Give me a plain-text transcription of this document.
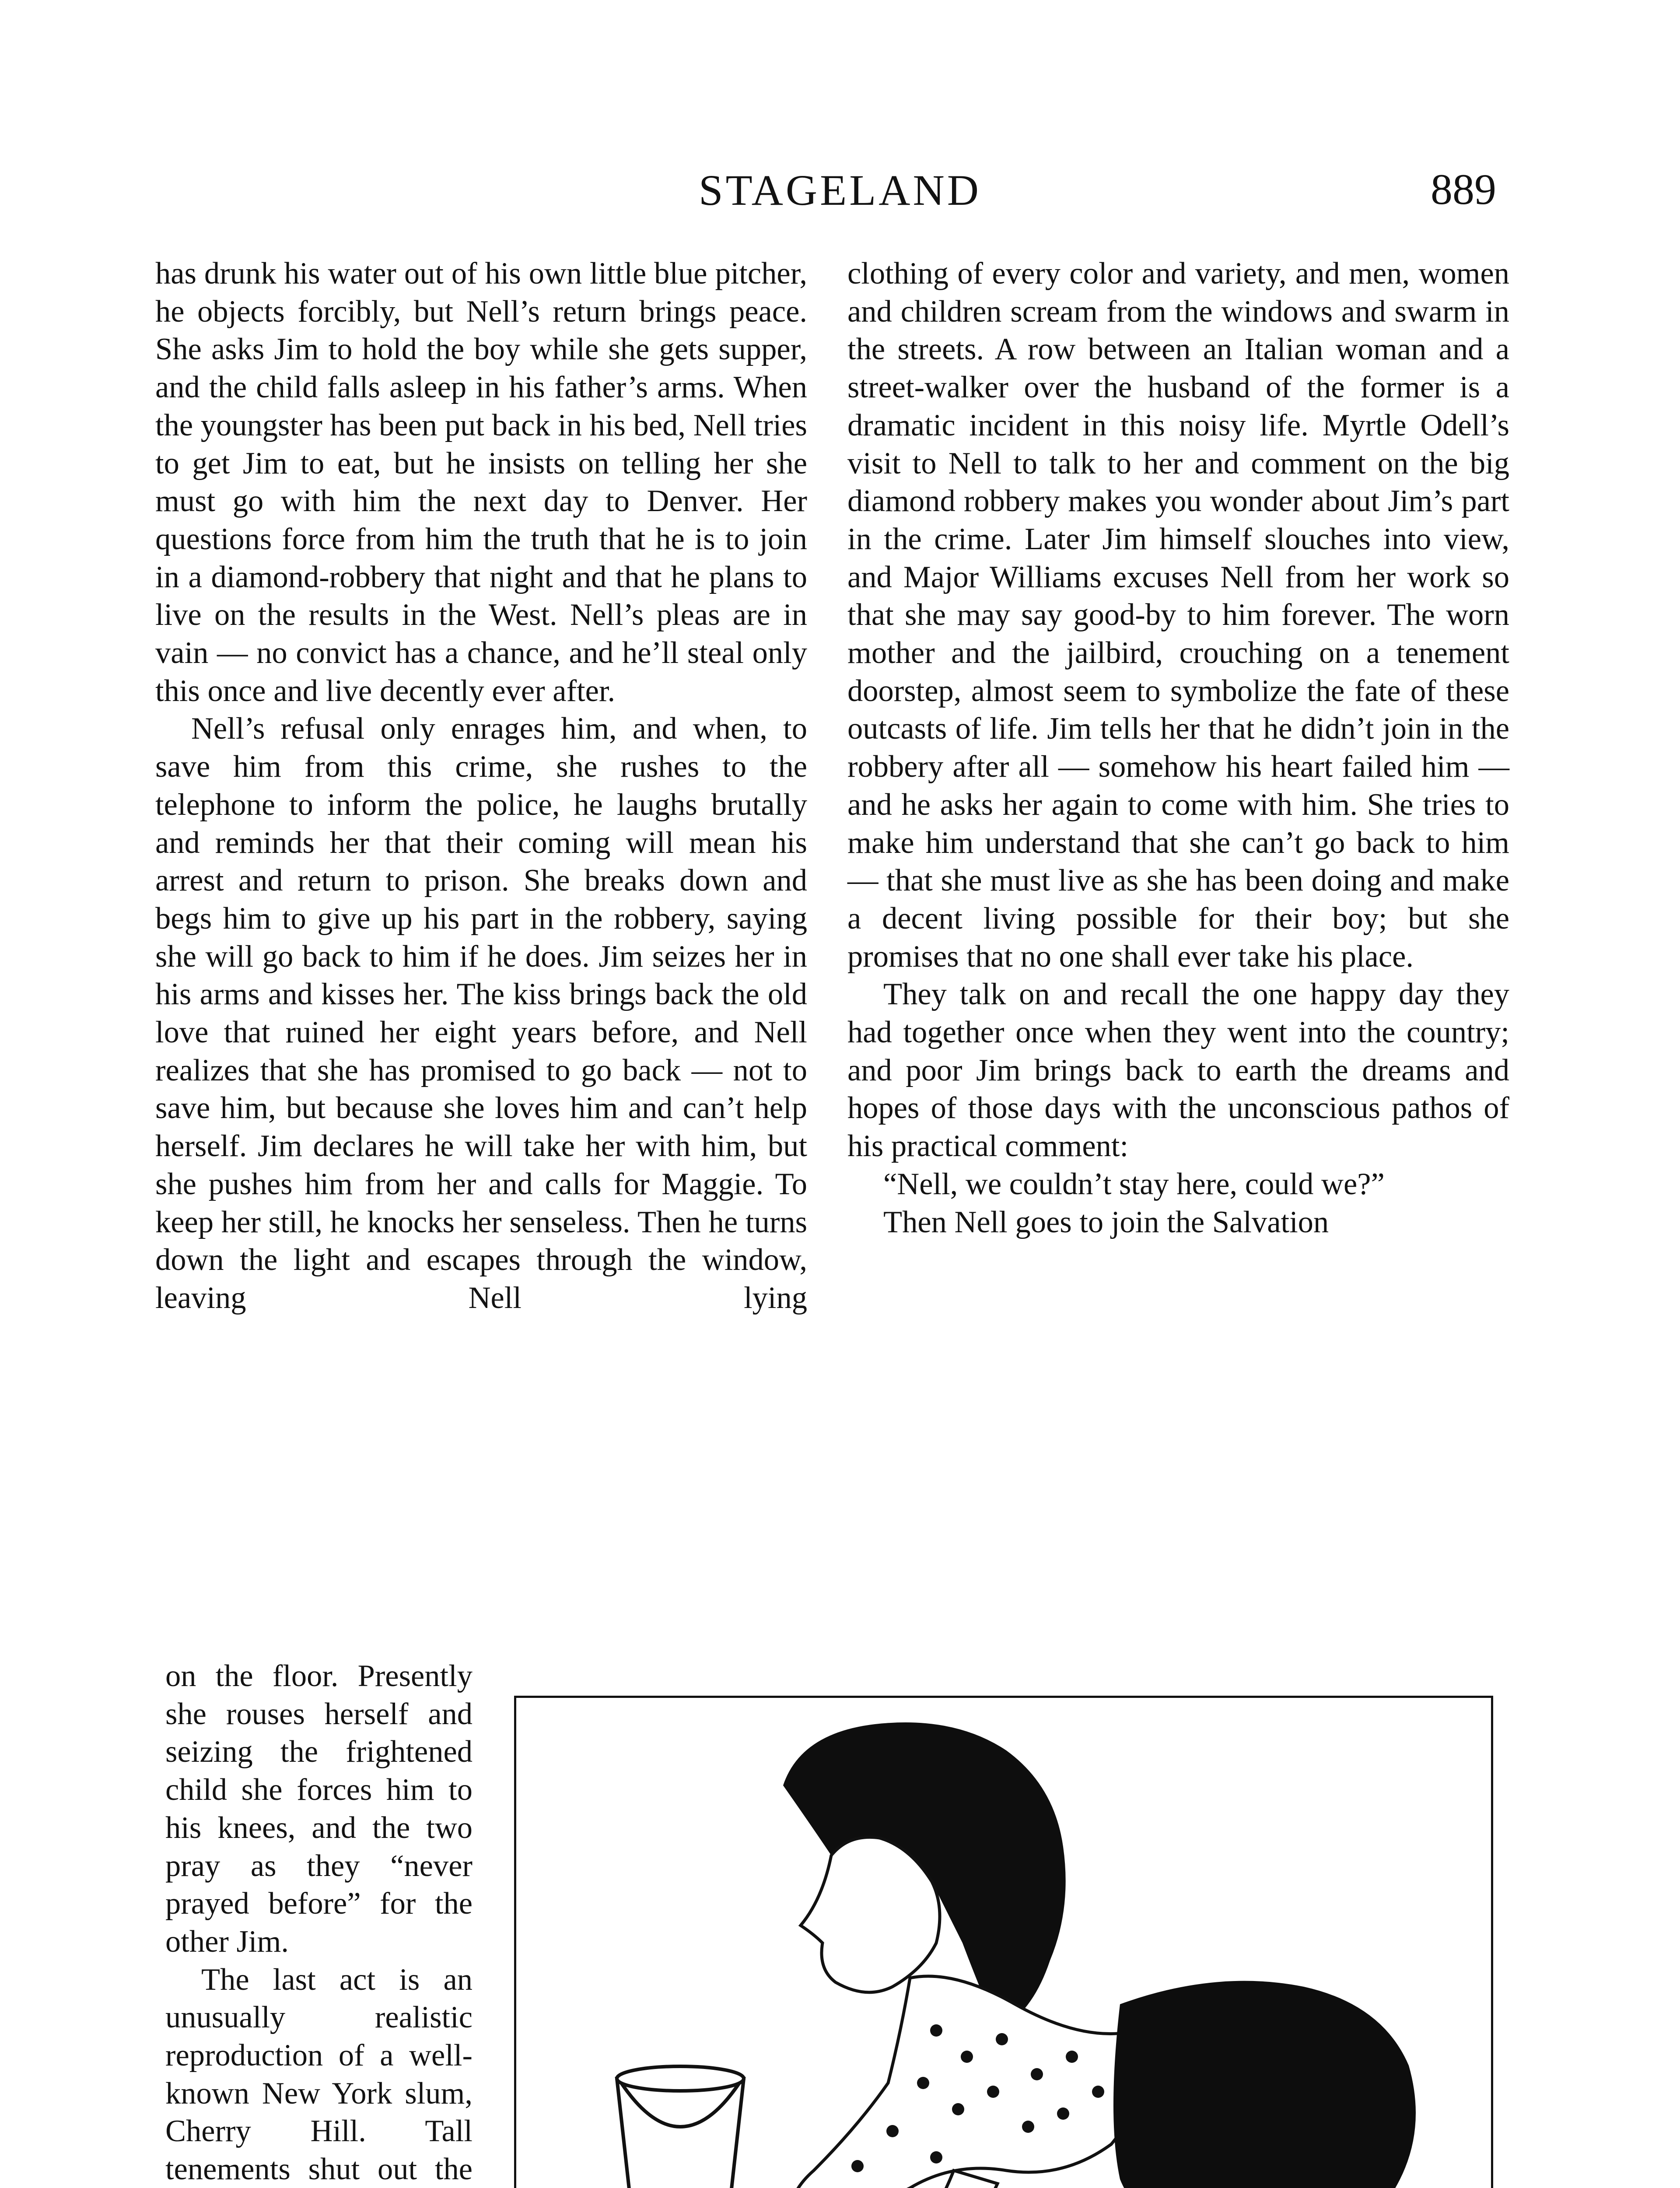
STAGELAND	889

has drunk his water out of his own little blue pitcher, he objects forcibly, but Nell’s return brings peace. She asks Jim to hold the boy while she gets supper, and the child falls asleep in his father’s arms. When the youngster has been put back in his bed, Nell tries to get Jim to eat, but he insists on telling her she must go with him the next day to Denver. Her questions force from him the truth that he is to join in a diamond-robbery that night and that he plans to live on the results in the West. Nell’s pleas are in vain — no convict has a chance, and he’ll steal only this once and live decently ever after.

Nell’s refusal only enrages him, and when, to save him from this crime, she rushes to the telephone to inform the police, he laughs brutally and reminds her that their coming will mean his arrest and return to prison. She breaks down and begs him to give up his part in the robbery, saying she will go back to him if he does. Jim seizes her in his arms and kisses her. The kiss brings back the old love that ruined her eight years before, and Nell realizes that she has promised to go back — not to save him, but because she loves him and can’t help herself. Jim declares he will take her with him, but she pushes him from her and calls for Maggie. To keep her still, he knocks her senseless. Then he turns down the light and escapes through the window, leaving Nell lying

clothing of every color and variety, and men, women and children scream from the windows and swarm in the streets. A row between an Italian woman and a street-walker over the husband of the former is a dramatic incident in this noisy life. Myrtle Odell’s visit to Nell to talk to her and comment on the big diamond robbery makes you wonder about Jim’s part in the crime. Later Jim himself slouches into view, and Major Williams excuses Nell from her work so that she may say good-by to him forever. The worn mother and the jailbird, crouching on a tenement doorstep, almost seem to symbolize the fate of these outcasts of life. Jim tells her that he didn’t join in the robbery after all — somehow his heart failed him — and he asks her again to come with him. She tries to make him understand that she can’t go back to him — that she must live as she has been doing and make a decent living possible for their boy; but she promises that no one shall ever take his place.

They talk on and recall the one happy day they had together once when they went into the country; and poor Jim brings back to earth the dreams and hopes of those days with the unconscious pathos of his practical comment:

“Nell, we couldn’t stay here, could we?”

Then Nell goes to join the Salvation

on the floor. Presently she rouses herself and seizing the frightened child she forces him to his knees, and the two pray as they “never prayed before” for the other Jim.

The last act is an unusually realistic reproduction of a well-known New York slum, Cherry Hill. Tall tenements shut out the
